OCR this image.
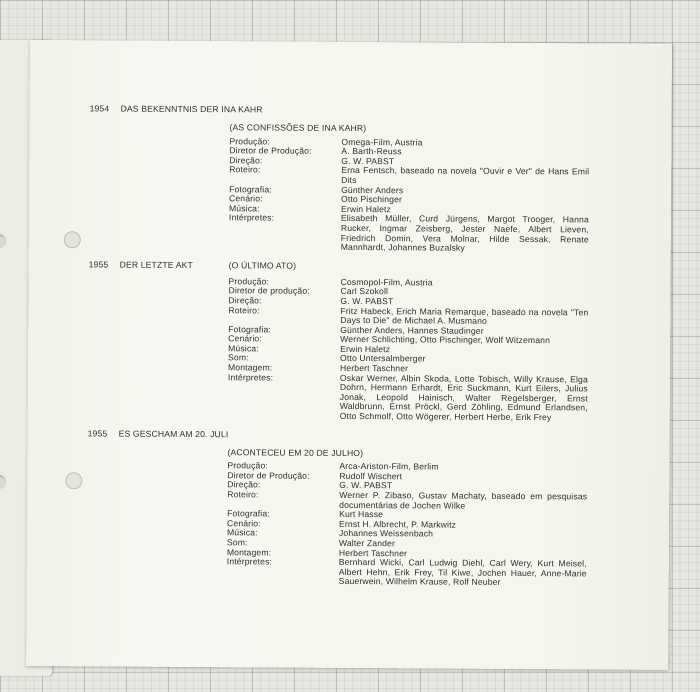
1954 DAS BEKENNTNIS DER INA KAHR
(AS CONFISSÕES DE INA KAHR)
Produção:	Omega-Film, Austria
Diretor de Produção:	A. Barth-Reuss
Direção:	G. W. PABST
Roteiro:	Erna Fentsch, baseado na novela "Ouvir e Ver" de Hans Emil Dits
Fotografia:	Günther Anders
Cenário:	Otto Pischinger
Música:	Erwin Haletz
Intérpretes:	Elisabeth Müller, Curd Jürgens, Margot Trooger, Hanna Rucker, Ingmar Zeisberg, Jester Naefe, Albert Lieven, Friedrich Domin, Vera Molnar, Hilde Sessak, Renate Mannhardt, Johannes Buzalsky
1955 DER LETZTE AKT	(O ÚLTIMO ATO)
Produção:	Cosmopol-Film, Austria
Diretor de produção:	Carl Szokoll
Direção:	G. W. PABST
Roteiro:	Fritz Habeck, Erich Maria Remarque, baseado na novela "Ten Days to Die" de Michael A. Musmano
Fotografia:	Günther Anders, Hannes Staudinger
Cenário:	Werner Schlichting, Otto Pischinger, Wolf Witzemann
Música:	Erwin Haletz
Som:	Otto Untersalmberger
Montagem:	Herbert Taschner
Intérpretes:	Oskar Werner, Albin Skoda, Lotte Tobisch, Willy Krause, Elga Dohrn, Hermann Erhardt, Eric Suckmann, Kurt Eilers, Julius Jonak, Leopold Hainisch, Walter Regelsberger, Ernst Waldbrunn, Ernst Pröckl, Gerd Zöhling, Edmund Erlandsen, Otto Schmolf, Otto Wögerer, Herbert Herbe, Erik Frey
1955 ES GESCHAM AM 20. JULI
(ACONTECEU EM 20 DE JULHO)
Produção:	Arca-Ariston-Film, Berlim
Diretor de Produção:	Rudolf Wischert
Direção:	G. W. PABST
Roteiro:	Werner P. Zibaso, Gustav Machaty, baseado em pesquisas documentárias de Jochen Wilke
Fotografia:	Kurt Hasse
Cenário:	Ernst H. Albrecht, P. Markwitz
Música:	Johannes Weissenbach
Som:	Walter Zander
Montagem:	Herbert Taschner
Intérpretes:	Bernhard Wicki, Carl Ludwig Diehl, Carl Wery, Kurt Meisel, Albert Hehn, Erik Frey, Til Kiwe, Jochen Hauer, Anne-Marie Sauerwein, Wilhelm Krause, Rolf Neuber
